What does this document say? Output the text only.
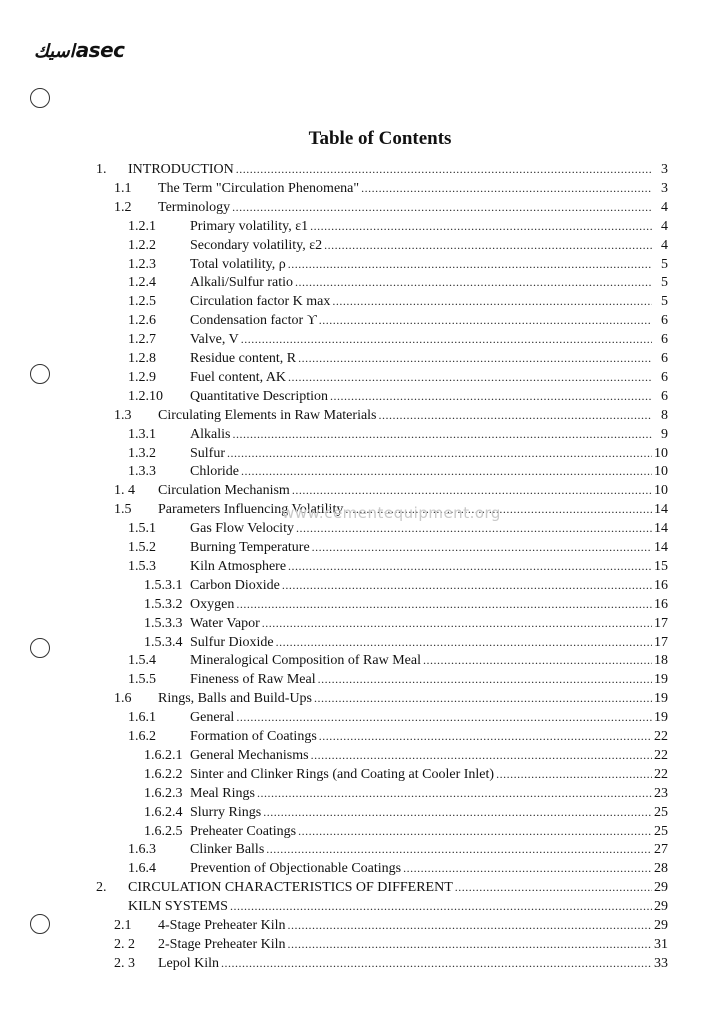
اسيكasec
Table of Contents
1.	INTRODUCTION .....	3
1.1	The Term "Circulation Phenomena" .....	3
1.2	Terminology .....	4
1.2.1	Primary volatility, ε1 .....	4
1.2.2	Secondary volatility, ε2 .....	4
1.2.3	Total volatility, ρ .....	5
1.2.4	Alkali/Sulfur ratio .....	5
1.2.5	Circulation factor K max .....	5
1.2.6	Condensation factor ϒ .....	6
1.2.7	Valve, V .....	6
1.2.8	Residue content, R .....	6
1.2.9	Fuel content, AK .....	6
1.2.10	Quantitative Description .....	6
1.3	Circulating Elements in Raw Materials .....	8
1.3.1	Alkalis .....	9
1.3.2	Sulfur .....	10
1.3.3	Chloride .....	10
1. 4	Circulation Mechanism .....	10
1.5	Parameters Influencing Volatility .....	14
1.5.1	Gas Flow Velocity .....	14
1.5.2	Burning Temperature .....	14
1.5.3	Kiln Atmosphere .....	15
1.5.3.1 Carbon Dioxide .....	16
1.5.3.2 Oxygen .....	16
1.5.3.3 Water Vapor .....	17
1.5.3.4 Sulfur Dioxide .....	17
1.5.4	Mineralogical Composition of Raw Meal .....	18
1.5.5	Fineness of Raw Meal .....	19
1.6	Rings, Balls and Build-Ups .....	19
1.6.1	General .....	19
1.6.2	Formation of Coatings .....	22
1.6.2.1 General Mechanisms .....	22
1.6.2.2 Sinter and Clinker Rings (and Coating at Cooler Inlet) .....	22
1.6.2.3 Meal Rings .....	23
1.6.2.4 Slurry Rings .....	25
1.6.2.5 Preheater Coatings .....	25
1.6.3	Clinker Balls .....	27
1.6.4	Prevention of Objectionable Coatings .....	28
2.	CIRCULATION CHARACTERISTICS OF DIFFERENT .....	29
KILN SYSTEMS .....	29
2.1	4-Stage Preheater Kiln .....	29
2. 2	2-Stage Preheater Kiln .....	31
2. 3	Lepol Kiln .....	33
www.cementequipment.org
